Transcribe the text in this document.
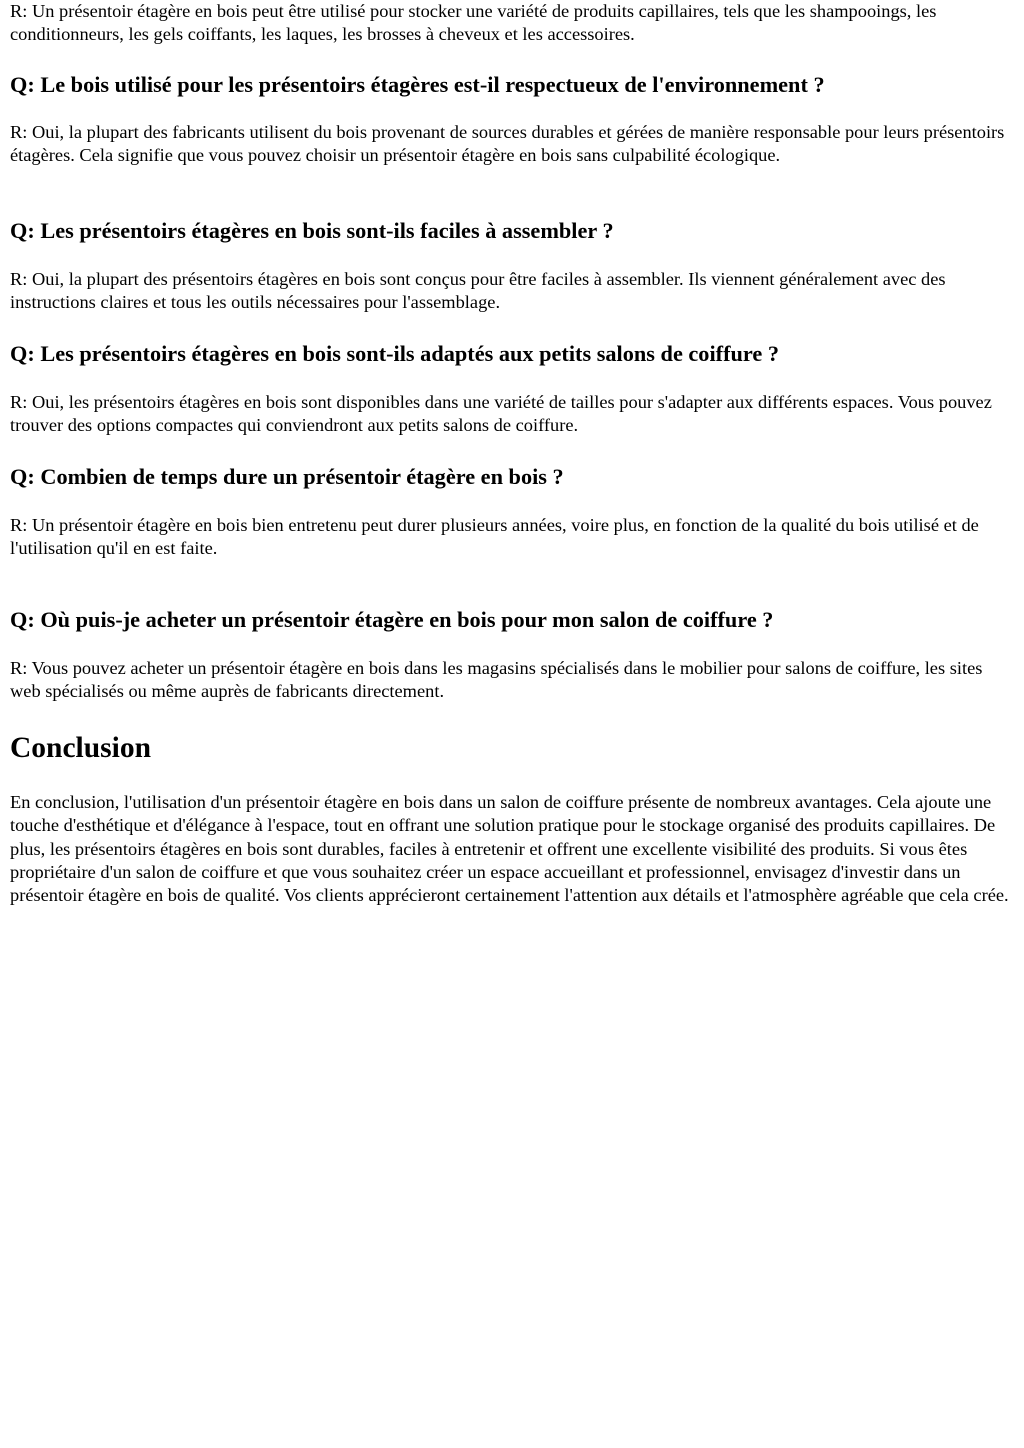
R: Un présentoir étagère en bois peut être utilisé pour stocker une variété de produits capillaires, tels que les shampooings, les conditionneurs, les gels coiffants, les laques, les brosses à cheveux et les accessoires.

Q: Le bois utilisé pour les présentoirs étagères est-il respectueux de l'environnement ?

R: Oui, la plupart des fabricants utilisent du bois provenant de sources durables et gérées de manière responsable pour leurs présentoirs étagères. Cela signifie que vous pouvez choisir un présentoir étagère en bois sans culpabilité écologique.

Q: Les présentoirs étagères en bois sont-ils faciles à assembler ?

R: Oui, la plupart des présentoirs étagères en bois sont conçus pour être faciles à assembler. Ils viennent généralement avec des instructions claires et tous les outils nécessaires pour l'assemblage.

Q: Les présentoirs étagères en bois sont-ils adaptés aux petits salons de coiffure ?

R: Oui, les présentoirs étagères en bois sont disponibles dans une variété de tailles pour s'adapter aux différents espaces. Vous pouvez trouver des options compactes qui conviendront aux petits salons de coiffure.

Q: Combien de temps dure un présentoir étagère en bois ?

R: Un présentoir étagère en bois bien entretenu peut durer plusieurs années, voire plus, en fonction de la qualité du bois utilisé et de l'utilisation qu'il en est faite.

Q: Où puis-je acheter un présentoir étagère en bois pour mon salon de coiffure ?

R: Vous pouvez acheter un présentoir étagère en bois dans les magasins spécialisés dans le mobilier pour salons de coiffure, les sites web spécialisés ou même auprès de fabricants directement.

Conclusion

En conclusion, l'utilisation d'un présentoir étagère en bois dans un salon de coiffure présente de nombreux avantages. Cela ajoute une touche d'esthétique et d'élégance à l'espace, tout en offrant une solution pratique pour le stockage organisé des produits capillaires. De plus, les présentoirs étagères en bois sont durables, faciles à entretenir et offrent une excellente visibilité des produits. Si vous êtes propriétaire d'un salon de coiffure et que vous souhaitez créer un espace accueillant et professionnel, envisagez d'investir dans un présentoir étagère en bois de qualité. Vos clients apprécieront certainement l'attention aux détails et l'atmosphère agréable que cela crée.
